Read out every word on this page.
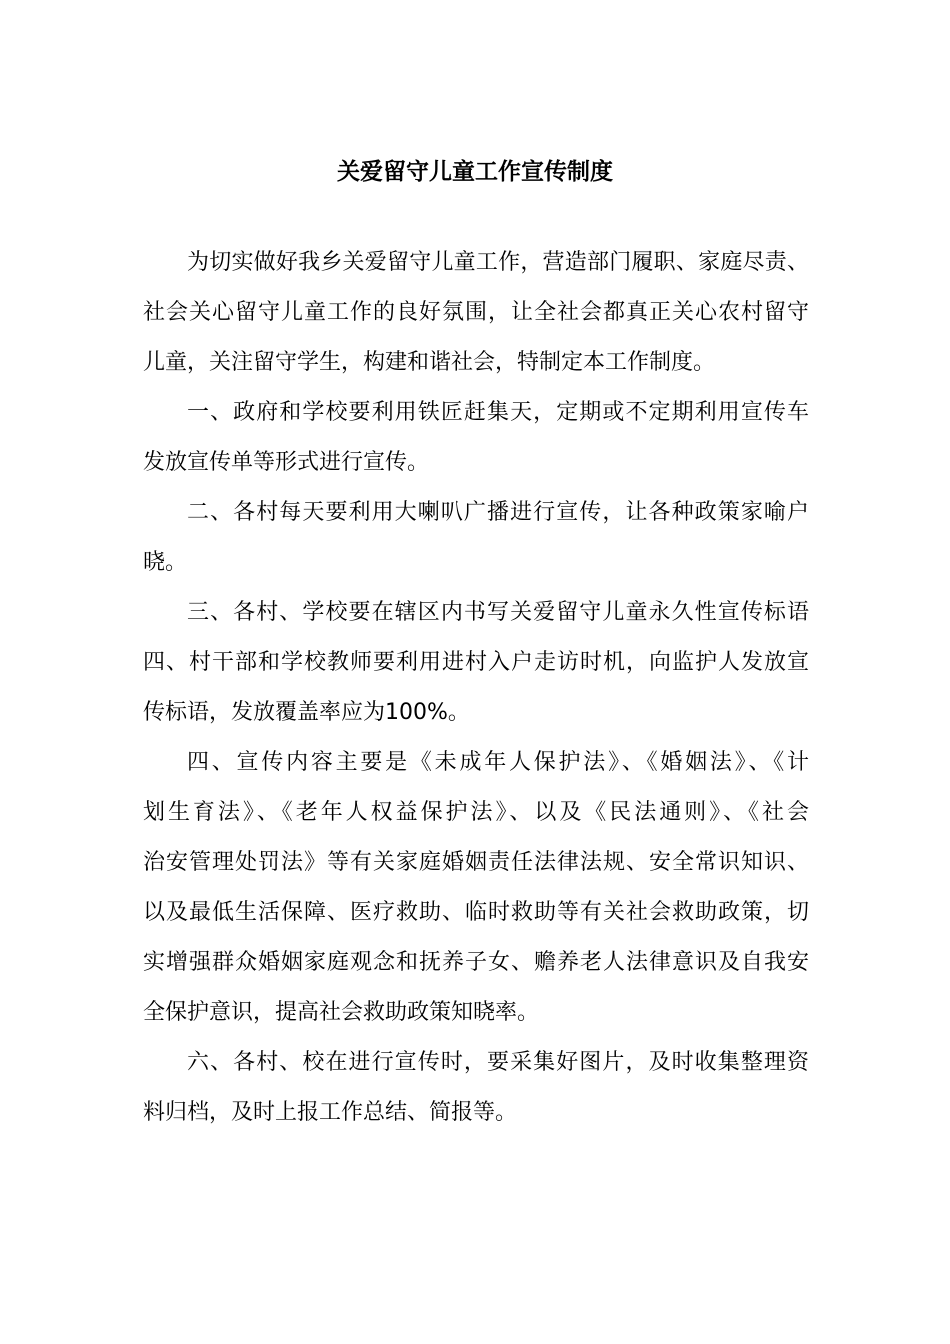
关爱留守儿童工作宣传制度
为切实做好我乡关爱留守儿童工作，营造部门履职、家庭尽责、
社会关心留守儿童工作的良好氛围，让全社会都真正关心农村留守
儿童，关注留守学生，构建和谐社会，特制定本工作制度。
一、政府和学校要利用铁匠赶集天，定期或不定期利用宣传车
发放宣传单等形式进行宣传。
二、各村每天要利用大喇叭广播进行宣传，让各种政策家喻户
晓。
三、各村、学校要在辖区内书写关爱留守儿童永久性宣传标语
四、村干部和学校教师要利用进村入户走访时机，向监护人发放宣
传标语，发放覆盖率应为100%。
四、宣传内容主要是《未成年人保护法》、《婚姻法》、《计
划生育法》、《老年人权益保护法》、以及《民法通则》、《社会
治安管理处罚法》等有关家庭婚姻责任法律法规、安全常识知识、
以及最低生活保障、医疗救助、临时救助等有关社会救助政策，切
实增强群众婚姻家庭观念和抚养子女、赡养老人法律意识及自我安
全保护意识，提高社会救助政策知晓率。
六、各村、校在进行宣传时，要采集好图片，及时收集整理资
料归档，及时上报工作总结、简报等。
